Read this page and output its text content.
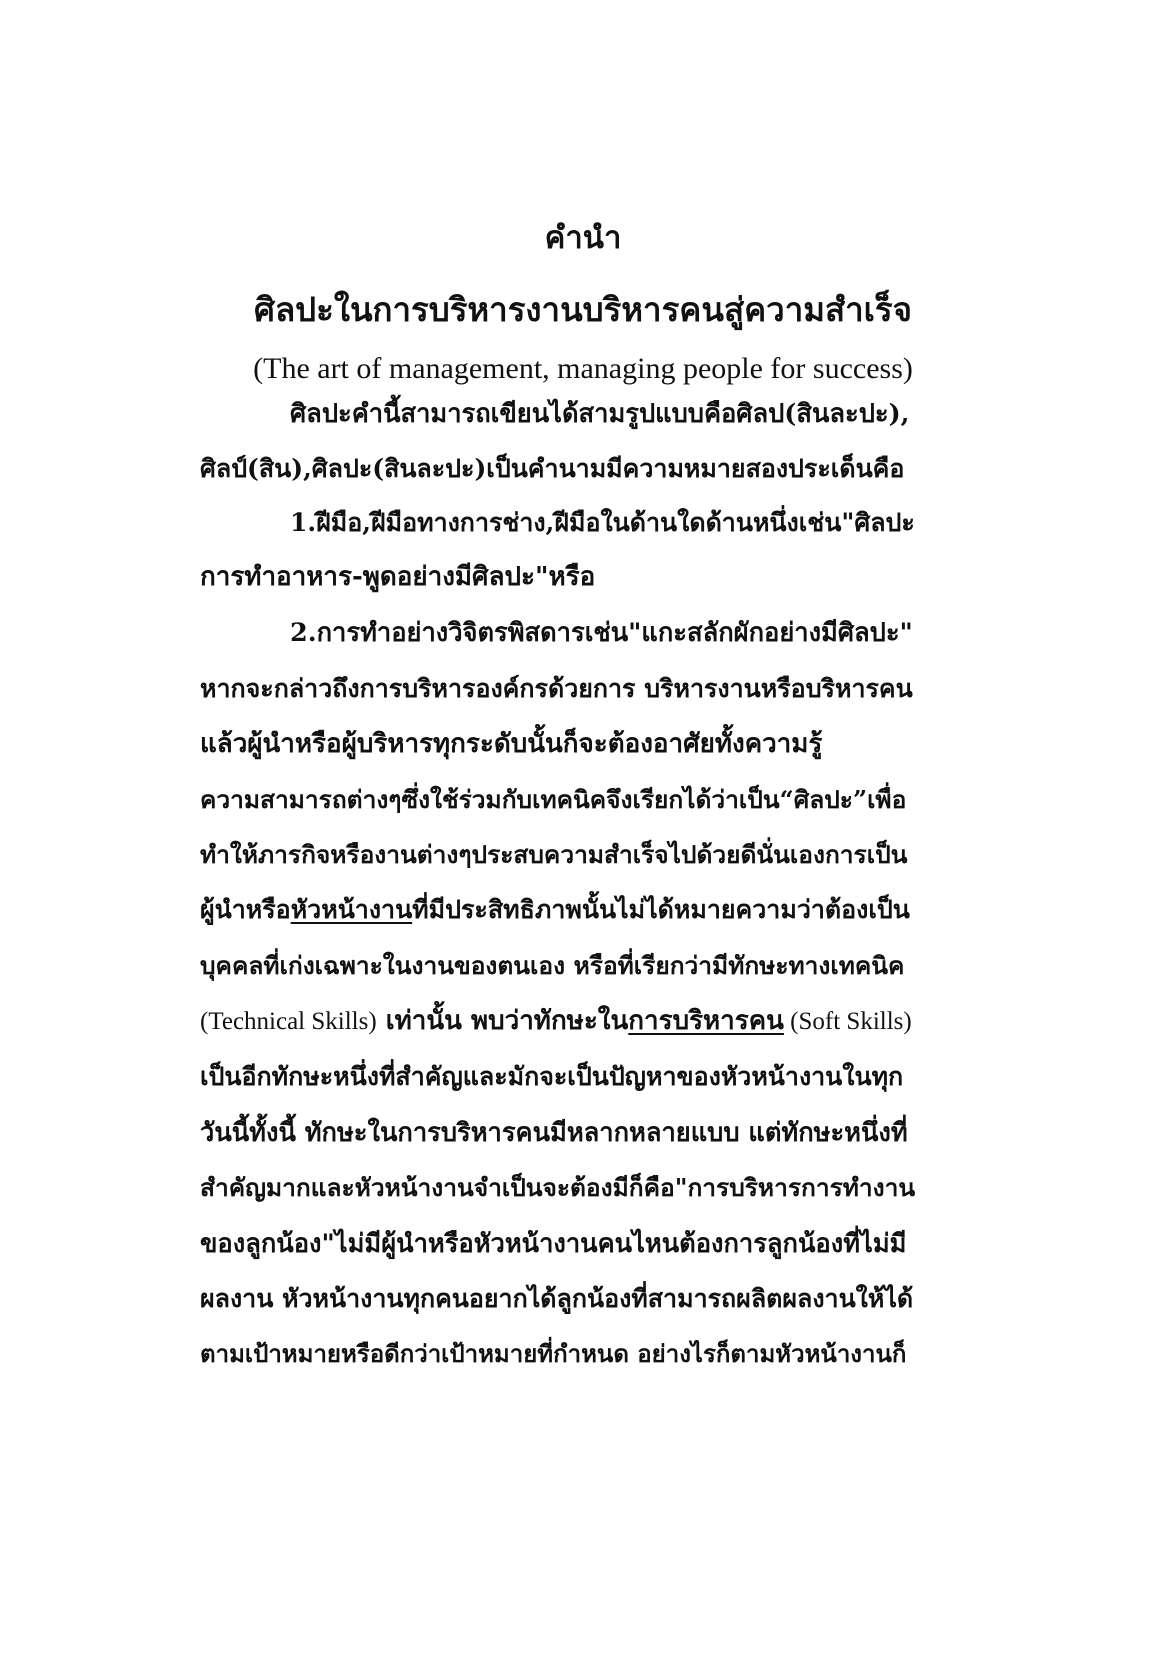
คำนำ
ศิลปะในการบริหารงานบริหารคนสู่ความสำเร็จ
(The art of management, managing people for success)
ศิลปะคำนี้สามารถเขียนได้สามรูปแบบคือศิลป(สินละปะ),
ศิลป์(สิน),ศิลปะ(สินละปะ)เป็นคำนามมีความหมายสองประเด็นคือ
1.ฝีมือ,ฝีมือทางการช่าง,ฝีมือในด้านใดด้านหนึ่งเช่น"ศิลปะ
การทำอาหาร-พูดอย่างมีศิลปะ"หรือ
2.การทำอย่างวิจิตรพิสดารเช่น"แกะสลักผักอย่างมีศิลปะ"
หากจะกล่าวถึงการบริหารองค์กรด้วยการ บริหารงานหรือบริหารคน
แล้วผู้นำหรือผู้บริหารทุกระดับนั้นก็จะต้องอาศัยทั้งความรู้
ความสามารถต่างๆซึ่งใช้ร่วมกับเทคนิคจึงเรียกได้ว่าเป็น“ศิลปะ”เพื่อ
ทำให้ภารกิจหรืองานต่างๆประสบความสำเร็จไปด้วยดีนั่นเองการเป็น
ผู้นำหรือหัวหน้างานที่มีประสิทธิภาพนั้นไม่ได้หมายความว่าต้องเป็น
บุคคลที่เก่งเฉพาะในงานของตนเอง หรือที่เรียกว่ามีทักษะทางเทคนิค
(Technical Skills) เท่านั้น พบว่าทักษะในการบริหารคน (Soft Skills)
เป็นอีกทักษะหนึ่งที่สำคัญและมักจะเป็นปัญหาของหัวหน้างานในทุก
วันนี้ทั้งนี้ ทักษะในการบริหารคนมีหลากหลายแบบ แต่ทักษะหนึ่งที่
สำคัญมากและหัวหน้างานจำเป็นจะต้องมีก็คือ"การบริหารการทำงาน
ของลูกน้อง"ไม่มีผู้นำหรือหัวหน้างานคนไหนต้องการลูกน้องที่ไม่มี
ผลงาน หัวหน้างานทุกคนอยากได้ลูกน้องที่สามารถผลิตผลงานให้ได้
ตามเป้าหมายหรือดีกว่าเป้าหมายที่กำหนด อย่างไรก็ตามหัวหน้างานก็
